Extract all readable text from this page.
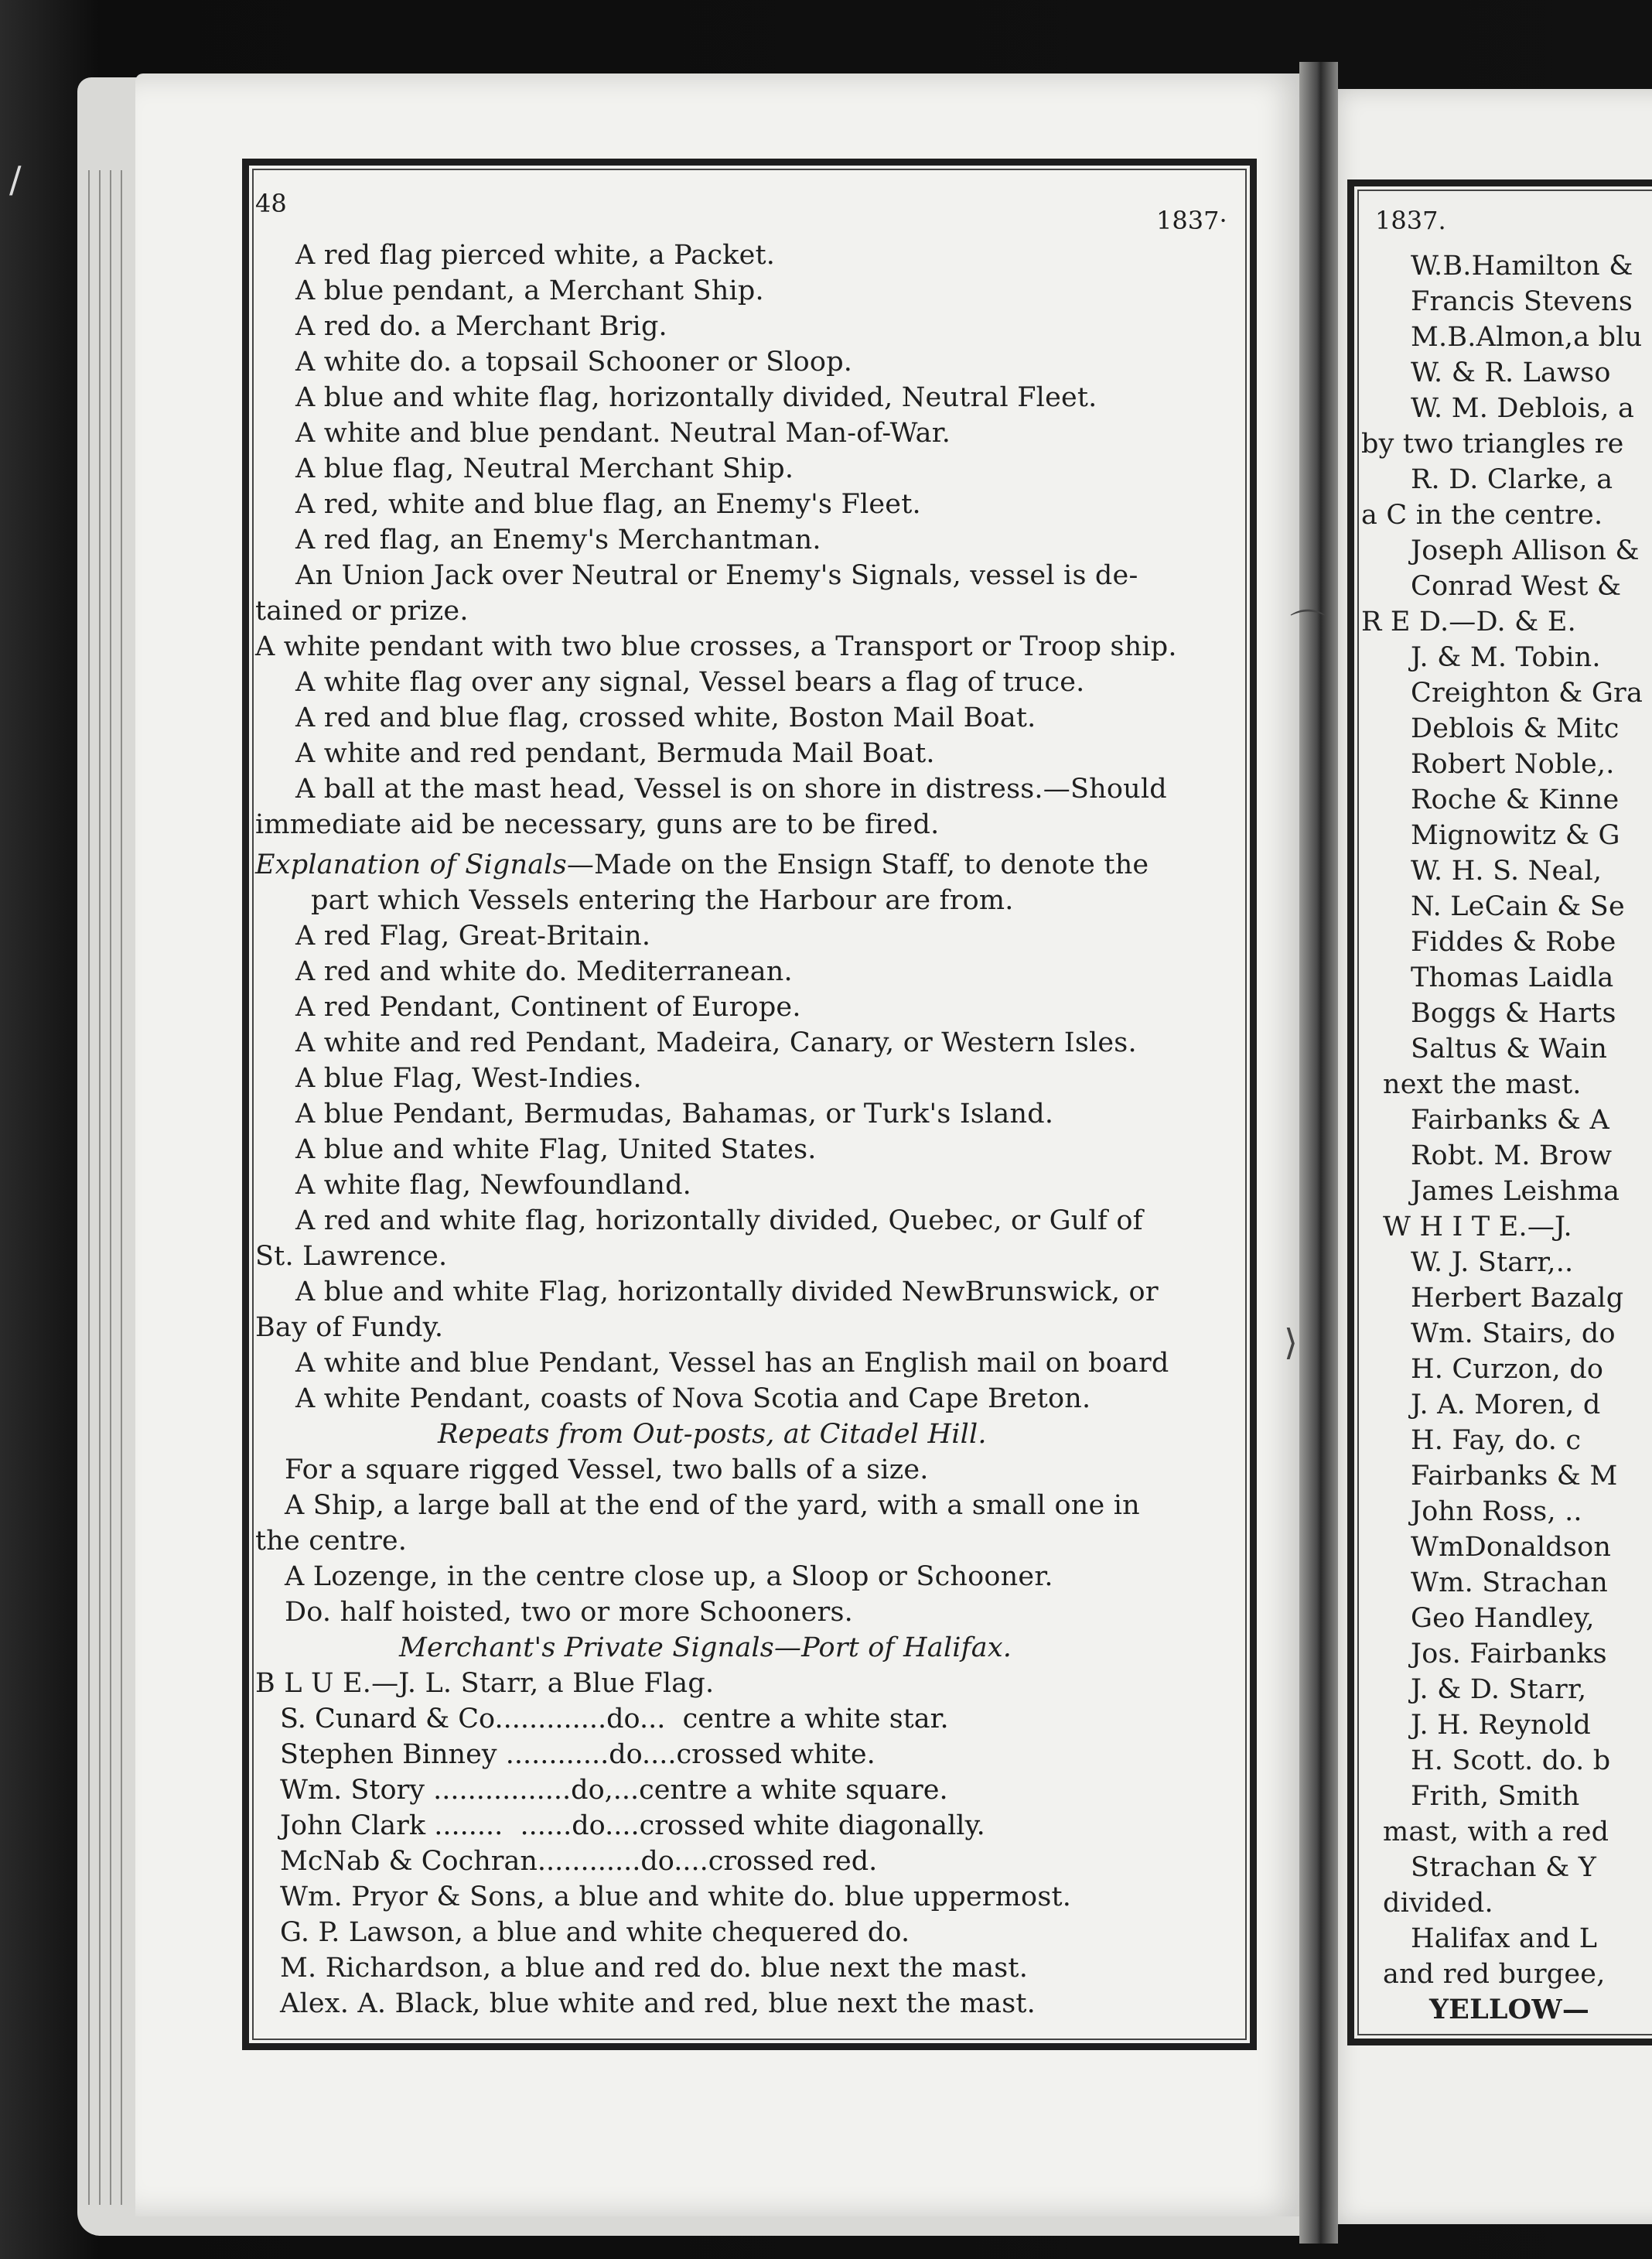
⌒
⟩
/
48
1837·	1837.
A red flag pierced white, a Packet.
A blue pendant, a Merchant Ship.
A red do. a Merchant Brig.
A white do. a topsail Schooner or Sloop.
A blue and white flag, horizontally divided, Neutral Fleet.
A white and blue pendant. Neutral Man-of-War.
A blue flag, Neutral Merchant Ship.
A red, white and blue flag, an Enemy's Fleet.
A red flag, an Enemy's Merchantman.
An Union Jack over Neutral or Enemy's Signals, vessel is de-
tained or prize.
A white pendant with two blue crosses, a Transport or Troop ship.
A white flag over any signal, Vessel bears a flag of truce.
A red and blue flag, crossed white, Boston Mail Boat.
A white and red pendant, Bermuda Mail Boat.
A ball at the mast head, Vessel is on shore in distress.—Should
immediate aid be necessary, guns are to be fired.
Explanation of Signals—Made on the Ensign Staff, to denote the
part which Vessels entering the Harbour are from.
A red Flag, Great-Britain.
A red and white do. Mediterranean.
A red Pendant, Continent of Europe.
A white and red Pendant, Madeira, Canary, or Western Isles.
A blue Flag, West-Indies.
A blue Pendant, Bermudas, Bahamas, or Turk's Island.
A blue and white Flag, United States.
A white flag, Newfoundland.
A red and white flag, horizontally divided, Quebec, or Gulf of
St. Lawrence.
A blue and white Flag, horizontally divided NewBrunswick, or
Bay of Fundy.
A white and blue Pendant, Vessel has an English mail on board
A white Pendant, coasts of Nova Scotia and Cape Breton.
Repeats from Out-posts, at Citadel Hill.
For a square rigged Vessel, two balls of a size.
A Ship, a large ball at the end of the yard, with a small one in
the centre.
A Lozenge, in the centre close up, a Sloop or Schooner.
Do. half hoisted, two or more Schooners.
Merchant's Private Signals—Port of Halifax.
B L U E.—J. L. Starr, a Blue Flag.
S. Cunard & Co.............do...  centre a white star.
Stephen Binney ............do....crossed white.
Wm. Story ................do,...centre a white square.
John Clark ........  ......do....crossed white diagonally.
McNab & Cochran............do....crossed red.
Wm. Pryor & Sons, a blue and white do. blue uppermost.
G. P. Lawson, a blue and white chequered do.
M. Richardson, a blue and red do. blue next the mast.
Alex. A. Black, blue white and red, blue next the mast.
W.B.Hamilton &
Francis Stevens
M.B.Almon,a blu
W. & R. Lawso
W. M. Deblois, a
by two triangles re
R. D. Clarke, a
a C in the centre.
Joseph Allison &
Conrad West &
R E D.—D. & E.
J. & M. Tobin.
Creighton & Gra
Deblois & Mitc
Robert Noble,.
Roche & Kinne
Mignowitz & G
W. H. S. Neal,
N. LeCain & Se
Fiddes & Robe
Thomas Laidla
Boggs & Harts
Saltus & Wain
next the mast.
Fairbanks & A
Robt. M. Brow
James Leishma
W H I T E.—J.
W. J. Starr,..
Herbert Bazalg
Wm. Stairs, do
H. Curzon, do
J. A. Moren, d
H. Fay, do. c
Fairbanks & M
John Ross, ..
WmDonaldson
Wm. Strachan
Geo Handley,
Jos. Fairbanks
J. & D. Starr,
J. H. Reynold
H. Scott. do. b
Frith, Smith
mast, with a red
Strachan & Y
divided.
Halifax and L
and red burgee,
YELLOW—
